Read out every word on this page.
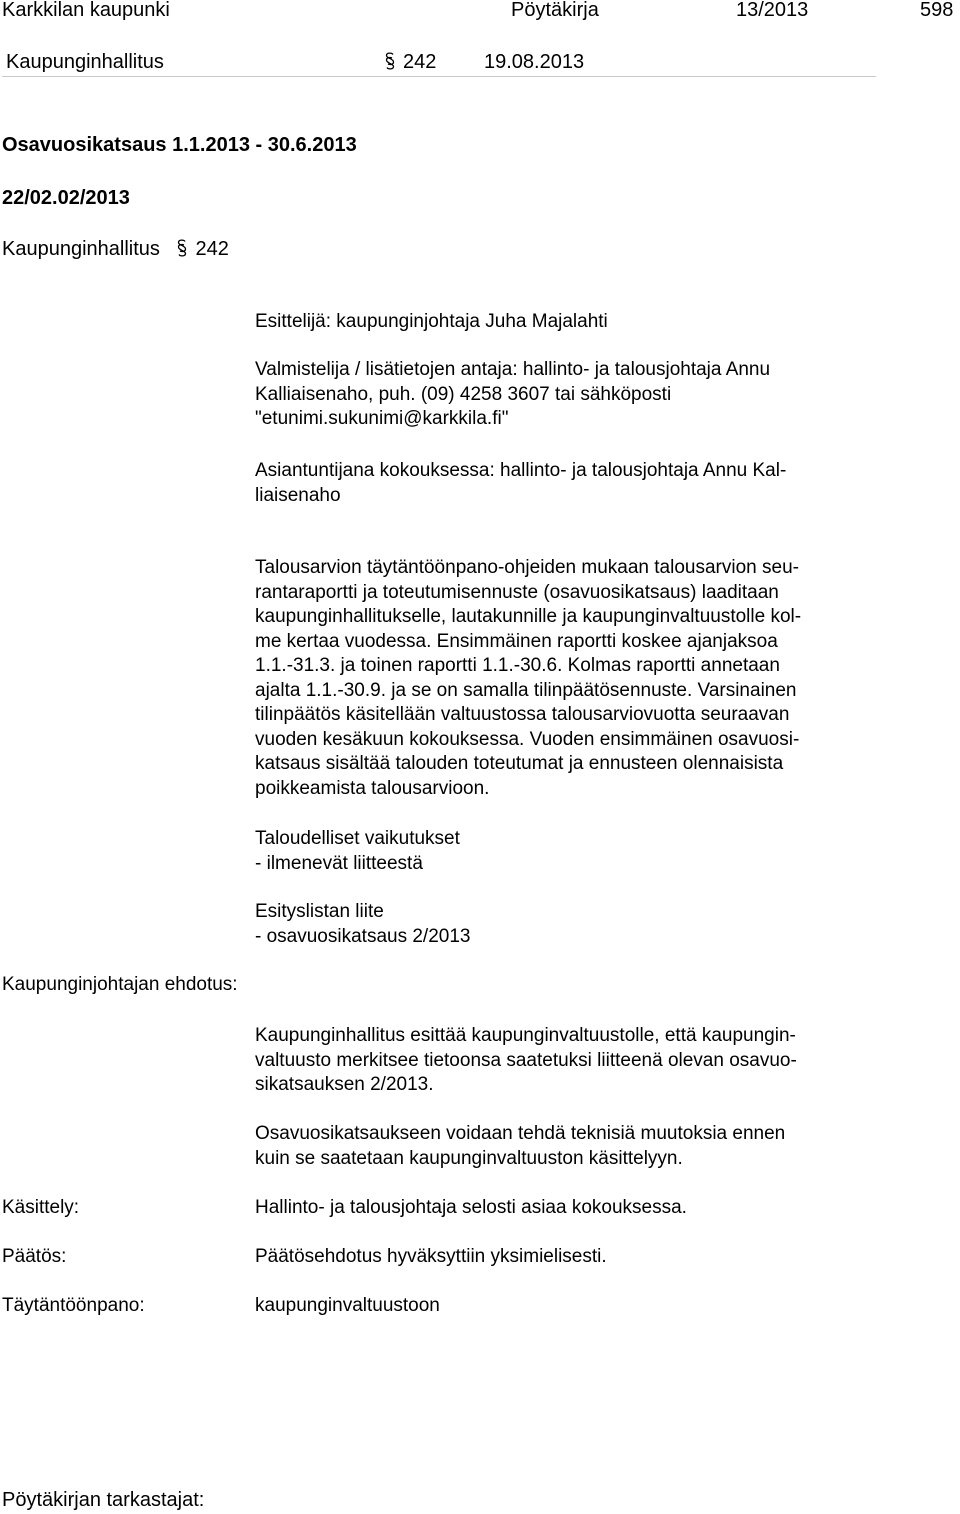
Karkkilan kaupunki	Pöytäkirja	13/2013	598
Kaupunginhallitus	242 19.08.2013
Osavuosikatsaus 1.1.2013 - 30.6.2013
22/02.02/2013
Kaupunginhallitus 242
Esittelijä: kaupunginjohtaja Juha Majalahti
Valmistelija / lisätietojen antaja: hallinto- ja talousjohtaja Annu
Kalliaisenaho, puh. (09) 4258 3607 tai sähköposti
"etunimi.sukunimi@karkkila.fi"
Asiantuntijana kokouksessa: hallinto- ja talousjohtaja Annu Kal-
liaisenaho
Talousarvion täytäntöönpano-ohjeiden mukaan talousarvion seu-
rantaraportti ja toteutumisennuste (osavuosikatsaus) laaditaan
kaupunginhallitukselle, lautakunnille ja kaupunginvaltuustolle kol-
me kertaa vuodessa. Ensimmäinen raportti koskee ajanjaksoa
1.1.-31.3. ja toinen raportti 1.1.-30.6. Kolmas raportti annetaan
ajalta 1.1.-30.9. ja se on samalla tilinpäätösennuste. Varsinainen
tilinpäätös käsitellään valtuustossa talousarviovuotta seuraavan
vuoden kesäkuun kokouksessa. Vuoden ensimmäinen osavuosi-
katsaus sisältää talouden toteutumat ja ennusteen olennaisista
poikkeamista talousarvioon.
Taloudelliset vaikutukset
- ilmenevät liitteestä
Esityslistan liite
- osavuosikatsaus 2/2013
Kaupunginjohtajan ehdotus:
Kaupunginhallitus esittää kaupunginvaltuustolle, että kaupungin-
valtuusto merkitsee tietoonsa saatetuksi liitteenä olevan osavuo-
sikatsauksen 2/2013.
Osavuosikatsaukseen voidaan tehdä teknisiä muutoksia ennen
kuin se saatetaan kaupunginvaltuuston käsittelyyn.
Käsittely:	Hallinto- ja talousjohtaja selosti asiaa kokouksessa.
Päätös:	Päätösehdotus hyväksyttiin yksimielisesti.
Täytäntöönpano:	kaupunginvaltuustoon
Pöytäkirjan tarkastajat:
